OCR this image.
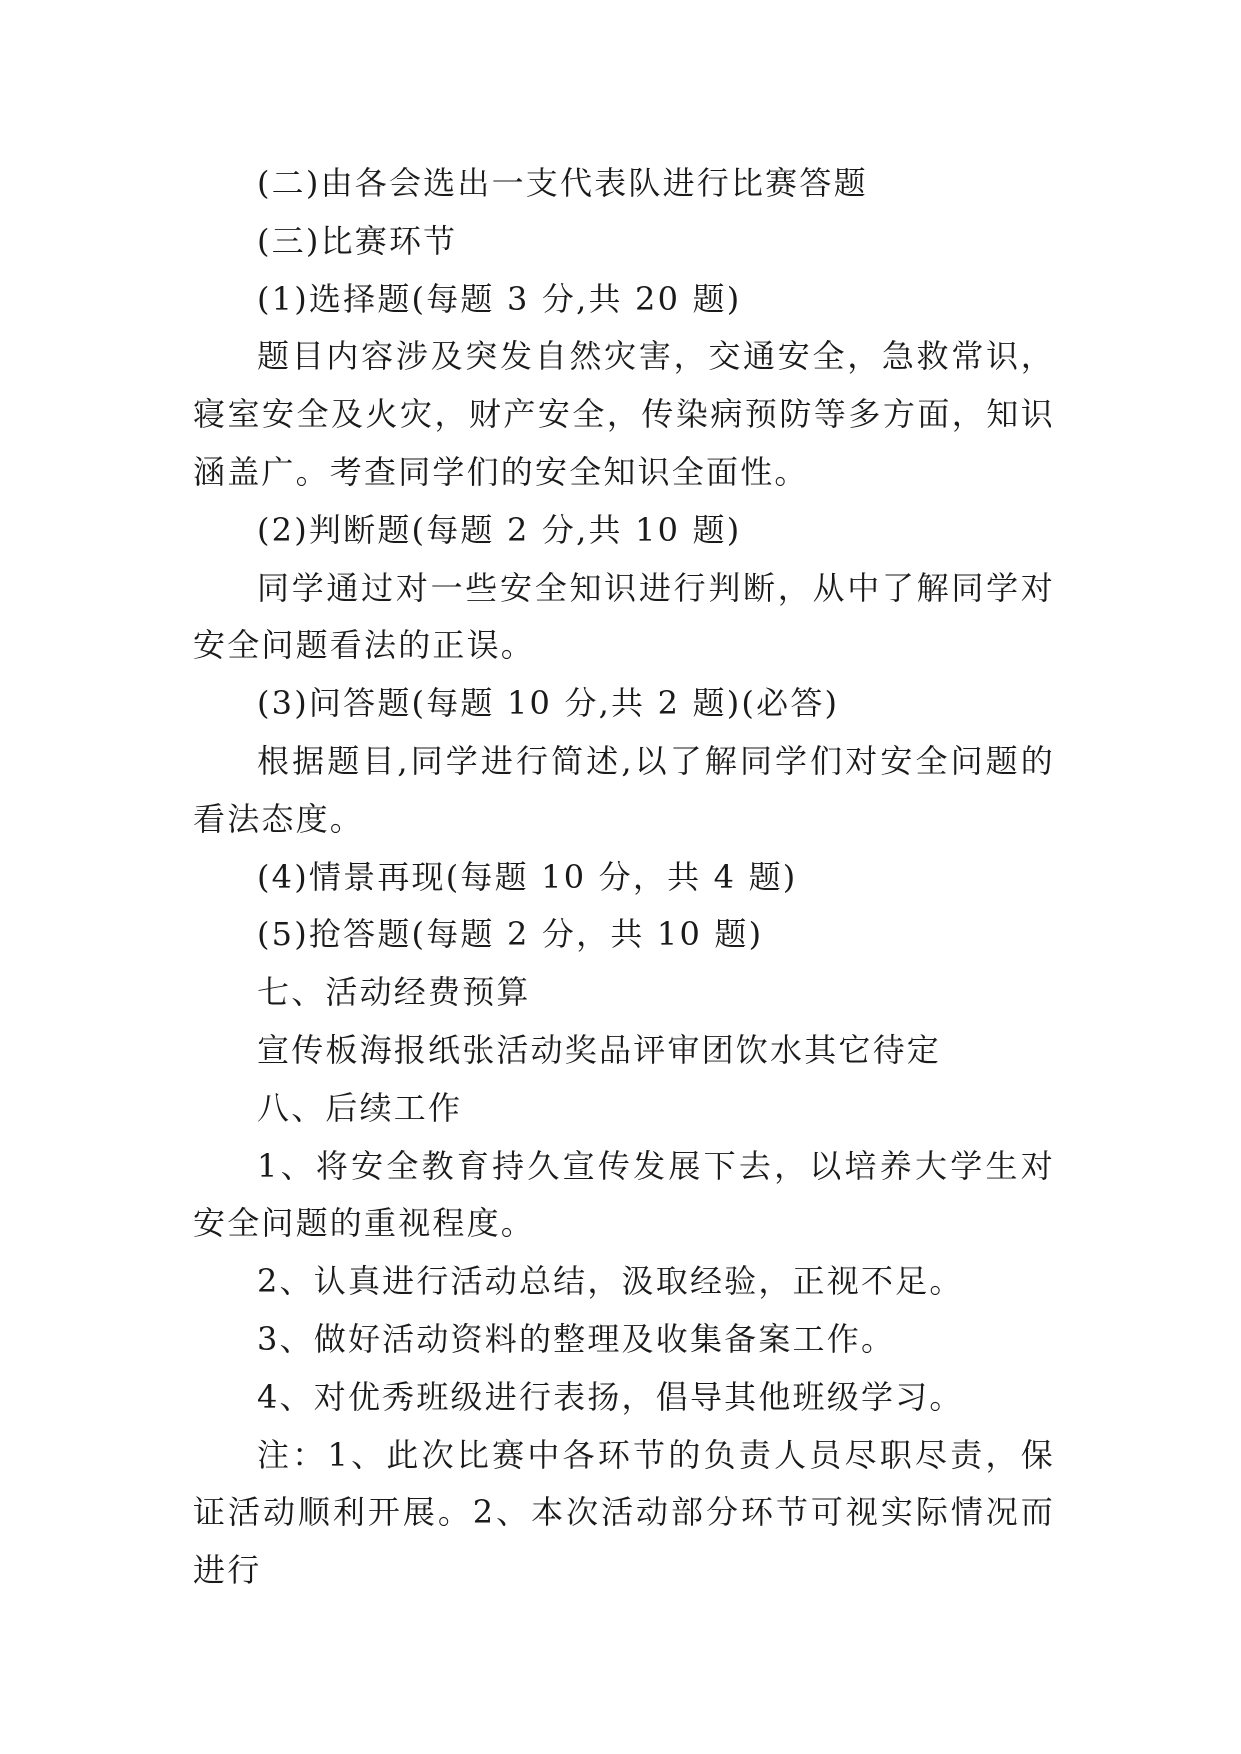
(二)由各会选出一支代表队进行比赛答题

(三)比赛环节

(1)选择题(每题 3 分,共 20 题)

题目内容涉及突发自然灾害，交通安全，急救常识，寝室安全及火灾，财产安全，传染病预防等多方面，知识涵盖广。考查同学们的安全知识全面性。

(2)判断题(每题 2 分,共 10 题)

同学通过对一些安全知识进行判断，从中了解同学对安全问题看法的正误。

(3)问答题(每题 10 分,共 2 题)(必答)

根据题目,同学进行简述,以了解同学们对安全问题的看法态度。

(4)情景再现(每题 10 分，共 4 题)

(5)抢答题(每题 2 分，共 10 题)

七、活动经费预算

宣传板海报纸张活动奖品评审团饮水其它待定

八、后续工作

1、将安全教育持久宣传发展下去，以培养大学生对安全问题的重视程度。

2、认真进行活动总结，汲取经验，正视不足。

3、做好活动资料的整理及收集备案工作。

4、对优秀班级进行表扬，倡导其他班级学习。

注：1、此次比赛中各环节的负责人员尽职尽责，保证活动顺利开展。2、本次活动部分环节可视实际情况而进行
